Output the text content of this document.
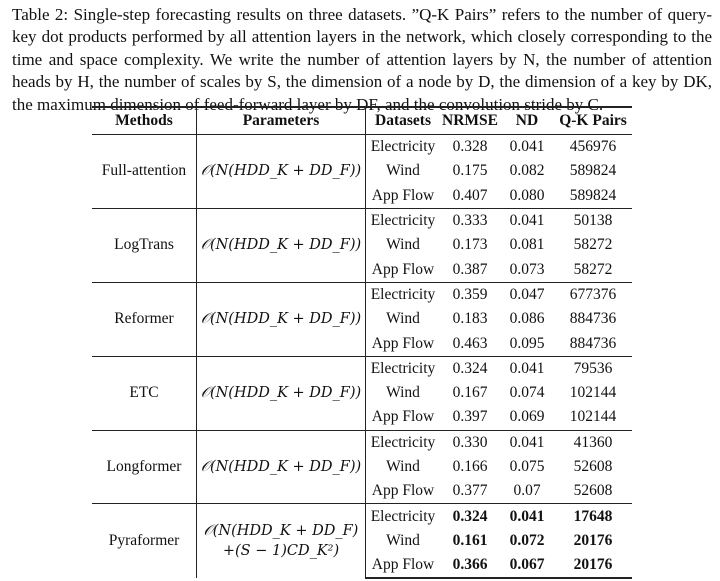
Table 2: Single-step forecasting results on three datasets. ”Q-K Pairs” refers to the number of query-key dot products performed by all attention layers in the network, which closely corresponding to the time and space complexity. We write the number of attention layers by N, the number of attention heads by H, the number of scales by S, the dimension of a node by D, the dimension of a key by DK, the maximum dimension of feed-forward layer by DF, and the convolution stride by C.
Methods	Parameters	Datasets	NRMSE	ND	Q-K Pairs
Full-attention	𝒪(N(HDD_K + DD_F))	Electricity	0.328	0.041	456976
		Wind	0.175	0.082	589824
		App Flow	0.407	0.080	589824
LogTrans	𝒪(N(HDD_K + DD_F))	Electricity	0.333	0.041	50138
		Wind	0.173	0.081	58272
		App Flow	0.387	0.073	58272
Reformer	𝒪(N(HDD_K + DD_F))	Electricity	0.359	0.047	677376
		Wind	0.183	0.086	884736
		App Flow	0.463	0.095	884736
ETC	𝒪(N(HDD_K + DD_F))	Electricity	0.324	0.041	79536
		Wind	0.167	0.074	102144
		App Flow	0.397	0.069	102144
Longformer	𝒪(N(HDD_K + DD_F))	Electricity	0.330	0.041	41360
		Wind	0.166	0.075	52608
		App Flow	0.377	0.07	52608
Pyraformer	𝒪(N(HDD_K + DD_F)
+(S − 1)CD_K²)	Electricity	0.324	0.041	17648
		Wind	0.161	0.072	20176
		App Flow	0.366	0.067	20176
